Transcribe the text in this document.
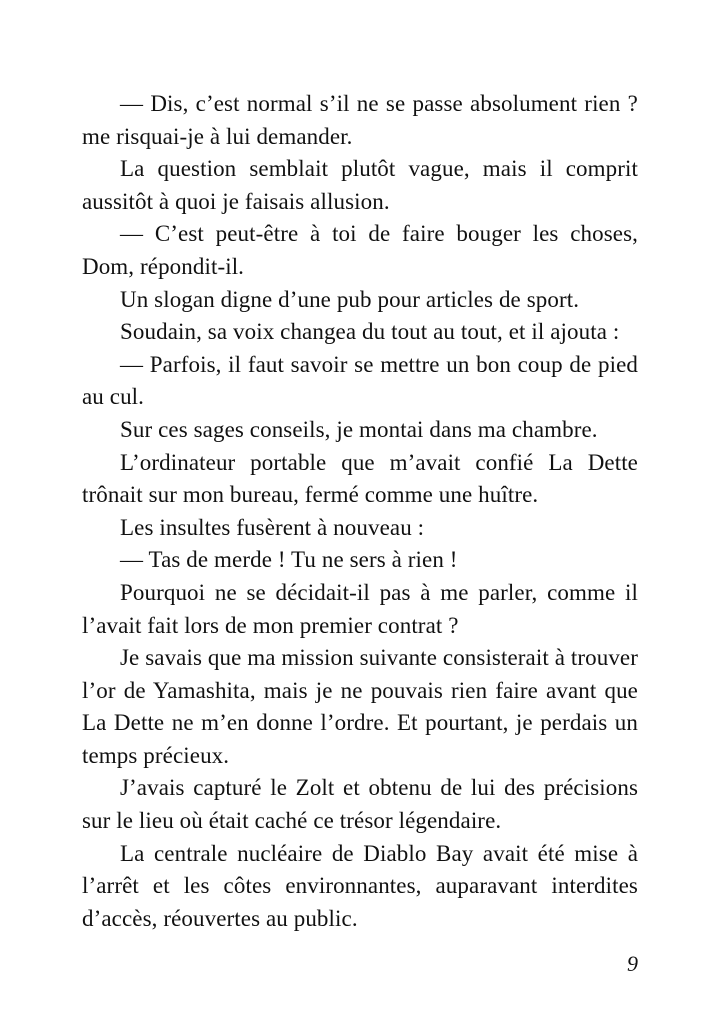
— Dis, c’est normal s’il ne se passe absolument rien ? me risquai-je à lui demander.

La question semblait plutôt vague, mais il comprit aussitôt à quoi je faisais allusion.

— C’est peut-être à toi de faire bouger les choses, Dom, répondit-il.

Un slogan digne d’une pub pour articles de sport.

Soudain, sa voix changea du tout au tout, et il ajouta :

— Parfois, il faut savoir se mettre un bon coup de pied au cul.

Sur ces sages conseils, je montai dans ma chambre.

L’ordinateur portable que m’avait confié La Dette trônait sur mon bureau, fermé comme une huître.

Les insultes fusèrent à nouveau :

— Tas de merde ! Tu ne sers à rien !

Pourquoi ne se décidait-il pas à me parler, comme il l’avait fait lors de mon premier contrat ?

Je savais que ma mission suivante consisterait à trouver l’or de Yamashita, mais je ne pouvais rien faire avant que La Dette ne m’en donne l’ordre. Et pourtant, je perdais un temps précieux.

J’avais capturé le Zolt et obtenu de lui des précisions sur le lieu où était caché ce trésor légendaire.

La centrale nucléaire de Diablo Bay avait été mise à l’arrêt et les côtes environnantes, auparavant interdites d’accès, réouvertes au public.

9
